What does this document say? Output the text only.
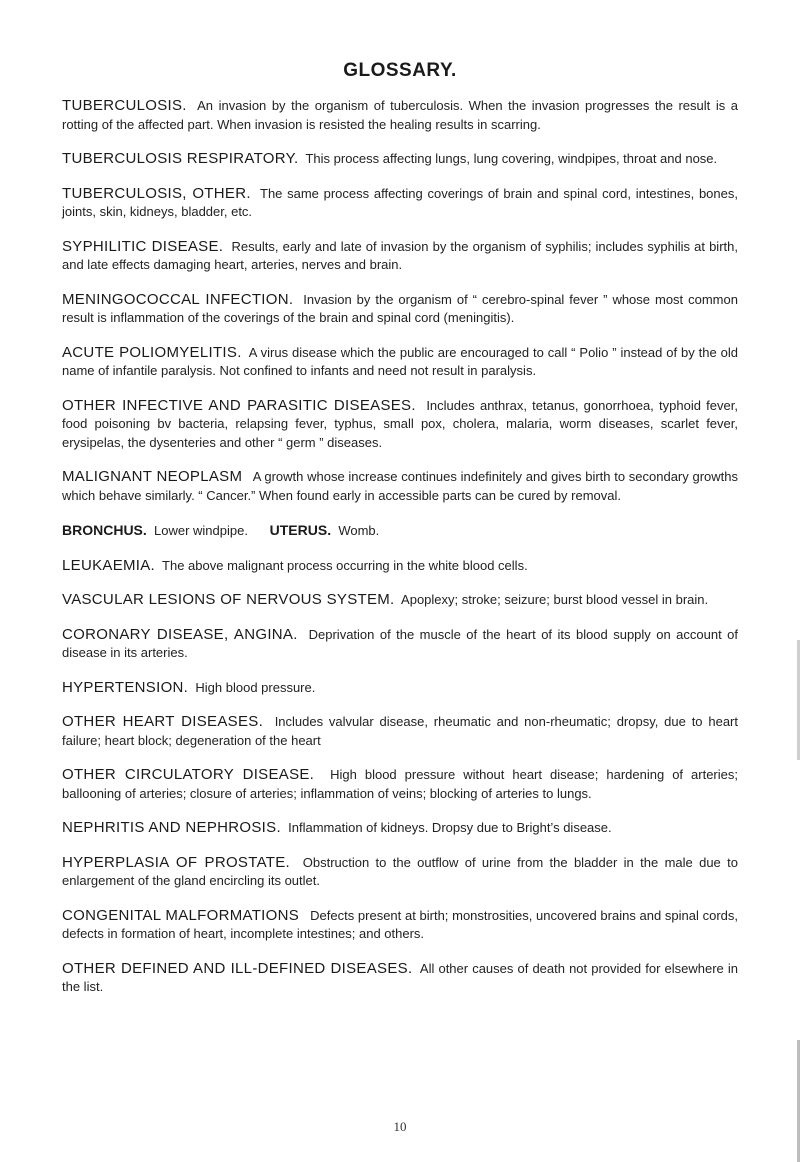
GLOSSARY.

TUBERCULOSIS. An invasion by the organism of tuberculosis. When the invasion progresses the result is a rotting of the affected part. When invasion is resisted the healing results in scarring.

TUBERCULOSIS RESPIRATORY. This process affecting lungs, lung covering, windpipes, throat and nose.

TUBERCULOSIS, OTHER. The same process affecting coverings of brain and spinal cord, intestines, bones, joints, skin, kidneys, bladder, etc.

SYPHILITIC DISEASE. Results, early and late of invasion by the organism of syphilis; includes syphilis at birth, and late effects damaging heart, arteries, nerves and brain.

MENINGOCOCCAL INFECTION. Invasion by the organism of “ cerebro-spinal fever ” whose most common result is inflammation of the coverings of the brain and spinal cord (meningitis).

ACUTE POLIOMYELITIS. A virus disease which the public are encouraged to call “ Polio ” instead of by the old name of infantile paralysis. Not confined to infants and need not result in paralysis.

OTHER INFECTIVE AND PARASITIC DISEASES. Includes anthrax, tetanus, gonorrhoea, typhoid fever, food poisoning bv bacteria, relapsing fever, typhus, small pox, cholera, malaria, worm diseases, scarlet fever, erysipelas, the dysenteries and other “ germ ” diseases.

MALIGNANT NEOPLASM A growth whose increase continues indefinitely and gives birth to secondary growths which behave similarly. “ Cancer.” When found early in accessible parts can be cured by removal.

BRONCHUS. Lower windpipe. UTERUS. Womb.

LEUKAEMIA. The above malignant process occurring in the white blood cells.

VASCULAR LESIONS OF NERVOUS SYSTEM. Apoplexy; stroke; seizure; burst blood vessel in brain.

CORONARY DISEASE, ANGINA. Deprivation of the muscle of the heart of its blood supply on account of disease in its arteries.

HYPERTENSION. High blood pressure.

OTHER HEART DISEASES. Includes valvular disease, rheumatic and non-rheumatic; dropsy, due to heart failure; heart block; degeneration of the heart

OTHER CIRCULATORY DISEASE. High blood pressure without heart disease; hardening of arteries; ballooning of arteries; closure of arteries; inflammation of veins; blocking of arteries to lungs.

NEPHRITIS AND NEPHROSIS. Inflammation of kidneys. Dropsy due to Bright’s disease.

HYPERPLASIA OF PROSTATE. Obstruction to the outflow of urine from the bladder in the male due to enlargement of the gland encircling its outlet.

CONGENITAL MALFORMATIONS Defects present at birth; monstrosities, uncovered brains and spinal cords, defects in formation of heart, incomplete intestines; and others.

OTHER DEFINED AND ILL-DEFINED DISEASES. All other causes of death not provided for elsewhere in the list.

10
